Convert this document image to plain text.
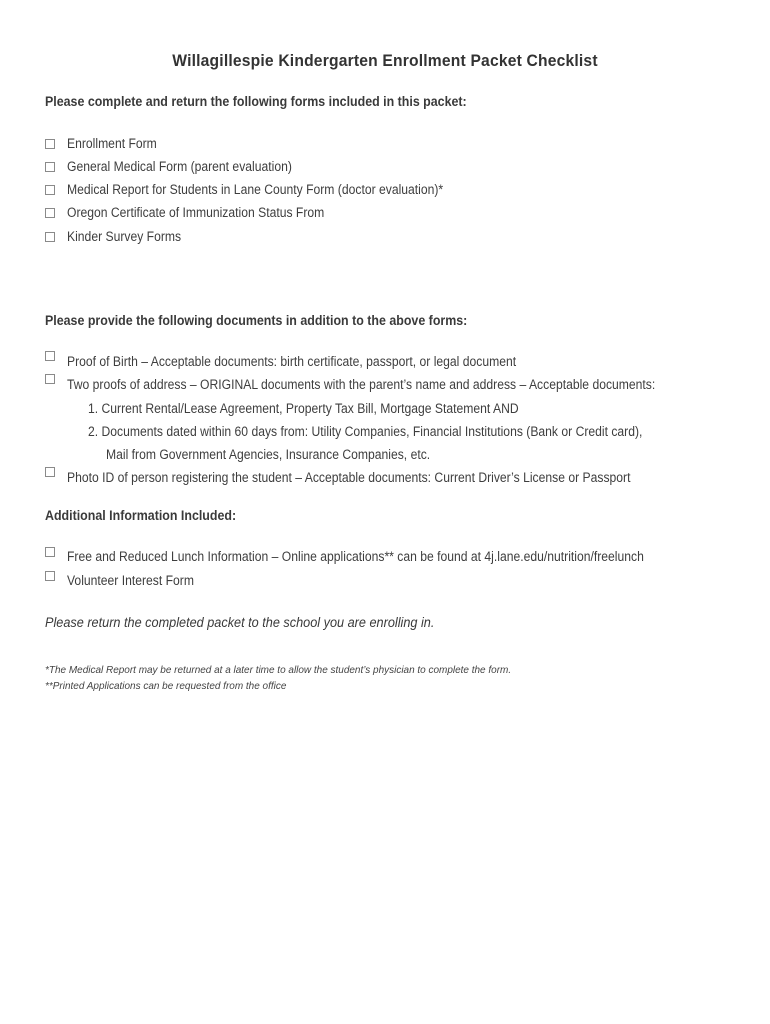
Willagillespie Kindergarten Enrollment Packet Checklist
Please complete and return the following forms included in this packet:
Enrollment Form
General Medical Form (parent evaluation)
Medical Report for Students in Lane County Form (doctor evaluation)*
Oregon Certificate of Immunization Status From
Kinder Survey Forms
Please provide the following documents in addition to the above forms:
Proof of Birth – Acceptable documents: birth certificate, passport, or legal document
Two proofs of address – ORIGINAL documents with the parent’s name and address – Acceptable documents:
1. Current Rental/Lease Agreement, Property Tax Bill, Mortgage Statement AND
2. Documents dated within 60 days from: Utility Companies, Financial Institutions (Bank or Credit card),
Mail from Government Agencies, Insurance Companies, etc.
Photo ID of person registering the student – Acceptable documents: Current Driver’s License or Passport
Additional Information Included:
Free and Reduced Lunch Information – Online applications** can be found at 4j.lane.edu/nutrition/freelunch
Volunteer Interest Form
Please return the completed packet to the school you are enrolling in.
*The Medical Report may be returned at a later time to allow the student’s physician to complete the form.
**Printed Applications can be requested from the office
